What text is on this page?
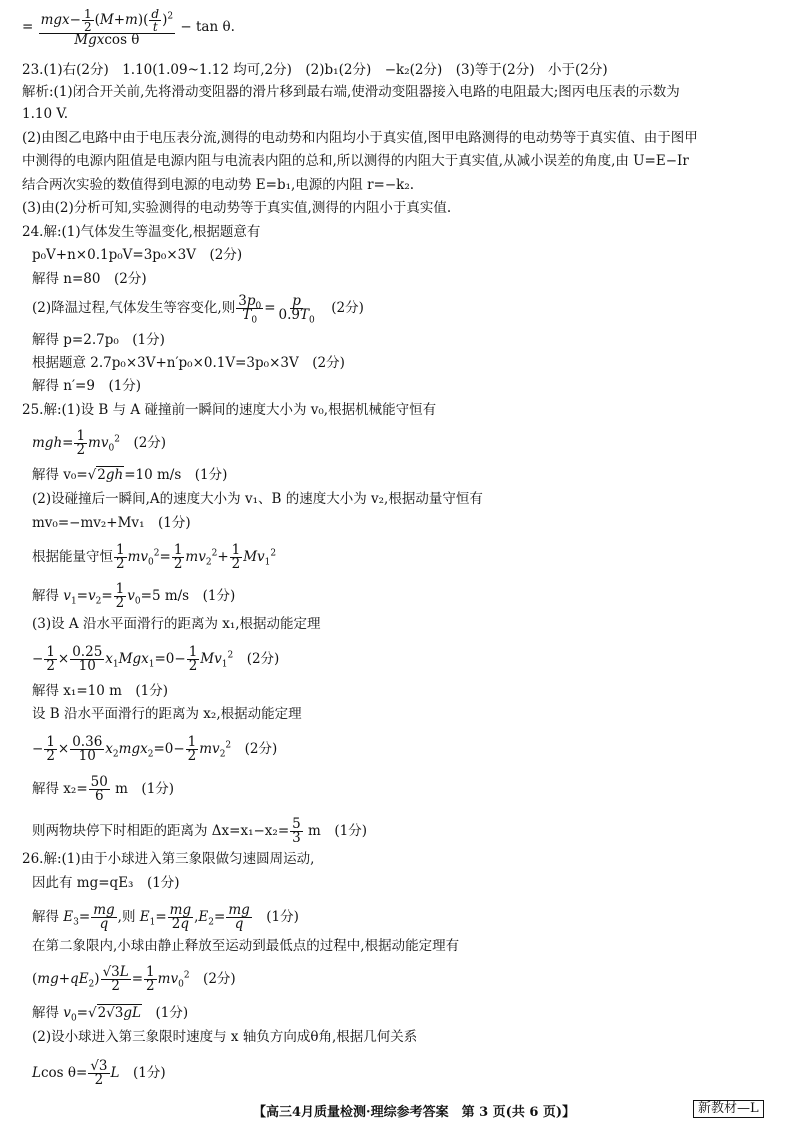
= $\frac{mgx- \frac{1}{2} (M+m)( \frac{d}{t} )^2}{\text{Mgxcos θ}} - \tan \theta$.
23.(1)右(2分)　1.10(1.09~1.12 均可,2分)　(2)b₁(2分)　−k₂(2分)　(3)等于(2分)　小于(2分)
解析:(1)闭合开关前,先将滑动变阻器的滑片移到最右端,使滑动变阻器接入电路的电阻最大;图丙电压表的示数为
1.10 V.
(2)由图乙电路中由于电压表分流,测得的电动势和内阻均小于真实值,图甲电路测得的电动势等于真实值、由于图甲
中测得的电源内阻值是电源内阻与电流表内阻的总和,所以测得的内阻大于真实值,从减小误差的角度,由 U=E−Ir
结合两次实验的数值得到电源的电动势 E=b₁,电源的内阻 r=−k₂.
(3)由(2)分析可知,实验测得的电动势等于真实值,测得的内阻小于真实值.
24.解:(1)气体发生等温变化,根据题意有
p₀V+n×0.1p₀V=3p₀×3V　(2分)
解得 n=80　(2分)
(2)降温过程,气体发生等容变化,则 $\frac{3p_0}{T_0} = \frac{p}{0.9T_0}$
　 (2分)
解得 p=2.7p₀　(1分)
根据题意 2.7p₀×3V+n′p₀×0.1V=3p₀×3V　(2分)
解得 n′=9　(1分)
25.解:(1)设 B 与 A 碰撞前一瞬间的速度大小为 v₀,根据机械能守恒有
$mgh= \frac{1}{2} mv_0^2$　 (2分)
解得 v₀=√2gh=10 m/s　(1分)
(2)设碰撞后一瞬间,A的速度大小为 v₁、B 的速度大小为 v₂,根据动量守恒有
mv₀=−mv₂+Mv₁　(1分)
根据能量守恒 $\frac{1}{2} mv_0^2= \frac{1}{2} mv_2^2+ \frac{1}{2} Mv_1^2$
解得 $v_1=v_2= \frac{1}{2} v_0=5$ m/s　(1分)
(3)设 A 沿水平面滑行的距离为 x₁,根据动能定理
− $\frac{1}{2} \times \frac{0.25}{10} x_1Mgx_1=0- \frac{1}{2} Mv_1^2$　 (2分)
解得 x₁=10 m　(1分)
设 B 沿水平面滑行的距离为 x₂,根据动能定理
− $\frac{1}{2} \times \frac{0.36}{10} x_2mgx_2=0- \frac{1}{2} mv_2^2$　 (2分)
解得 $x_2= \frac{50}{6}$ m　(1分)
则两物块停下时相距的距离为 $\Delta x=x_1-x_2= \frac{5}{3}$ m　(1分)
26.解:(1)由于小球进入第三象限做匀速圆周运动,
因此有 mg=qE₃　(1分)
解得 $E_3= \frac{mg}{q}$ ,则 $E_1= \frac{mg}{2q} ,E_2= \frac{mg}{q}$
　 (1分)
在第二象限内,小球由静止释放至运动到最低点的过程中,根据动能定理有
$(mg+qE_2) \frac{√3L}{2} = \frac{1}{2} mv_0^2$　 (2分)
解得 $v_0=√2√3gL$　 (1分)
(2)设小球进入第三象限时速度与 x 轴负方向成θ角,根据几何关系
Lcos $\theta= \frac{√3}{2}$ L　 (1分)
【高三4月质量检测·理综参考答案　第 3 页(共 6 页)】	新教材—L
